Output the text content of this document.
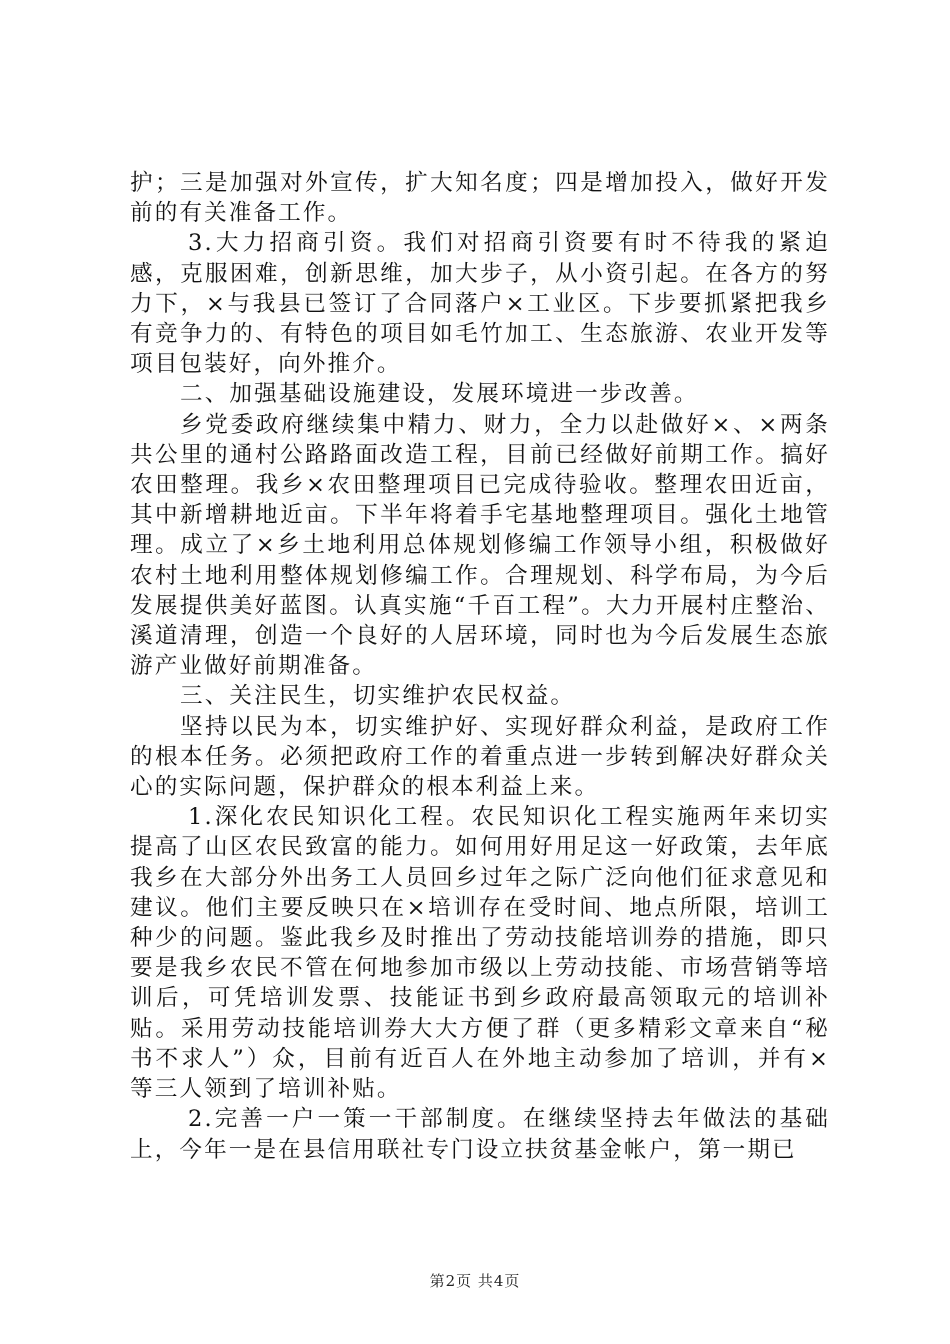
护；三是加强对外宣传，扩大知名度；四是增加投入，做好开发前的有关准备工作。

3.大力招商引资。我们对招商引资要有时不待我的紧迫感，克服困难，创新思维，加大步子，从小资引起。在各方的努力下，×与我县已签订了合同落户×工业区。下步要抓紧把我乡有竞争力的、有特色的项目如毛竹加工、生态旅游、农业开发等项目包装好，向外推介。

二、加强基础设施建设，发展环境进一步改善。

乡党委政府继续集中精力、财力，全力以赴做好×、×两条共公里的通村公路路面改造工程，目前已经做好前期工作。搞好农田整理。我乡×农田整理项目已完成待验收。整理农田近亩，其中新增耕地近亩。下半年将着手宅基地整理项目。强化土地管理。成立了×乡土地利用总体规划修编工作领导小组，积极做好农村土地利用整体规划修编工作。合理规划、科学布局，为今后发展提供美好蓝图。认真实施“千百工程”。大力开展村庄整治、溪道清理，创造一个良好的人居环境，同时也为今后发展生态旅游产业做好前期准备。

三、关注民生，切实维护农民权益。

坚持以民为本，切实维护好、实现好群众利益，是政府工作的根本任务。必须把政府工作的着重点进一步转到解决好群众关心的实际问题，保护群众的根本利益上来。

1.深化农民知识化工程。农民知识化工程实施两年来切实提高了山区农民致富的能力。如何用好用足这一好政策，去年底我乡在大部分外出务工人员回乡过年之际广泛向他们征求意见和建议。他们主要反映只在×培训存在受时间、地点所限，培训工种少的问题。鉴此我乡及时推出了劳动技能培训券的措施，即只要是我乡农民不管在何地参加市级以上劳动技能、市场营销等培训后，可凭培训发票、技能证书到乡政府最高领取元的培训补贴。采用劳动技能培训券大大方便了群（更多精彩文章来自“秘书不求人”）众，目前有近百人在外地主动参加了培训，并有×等三人领到了培训补贴。

2.完善一户一策一干部制度。在继续坚持去年做法的基础上，今年一是在县信用联社专门设立扶贫基金帐户，第一期已

第2页 共4页
